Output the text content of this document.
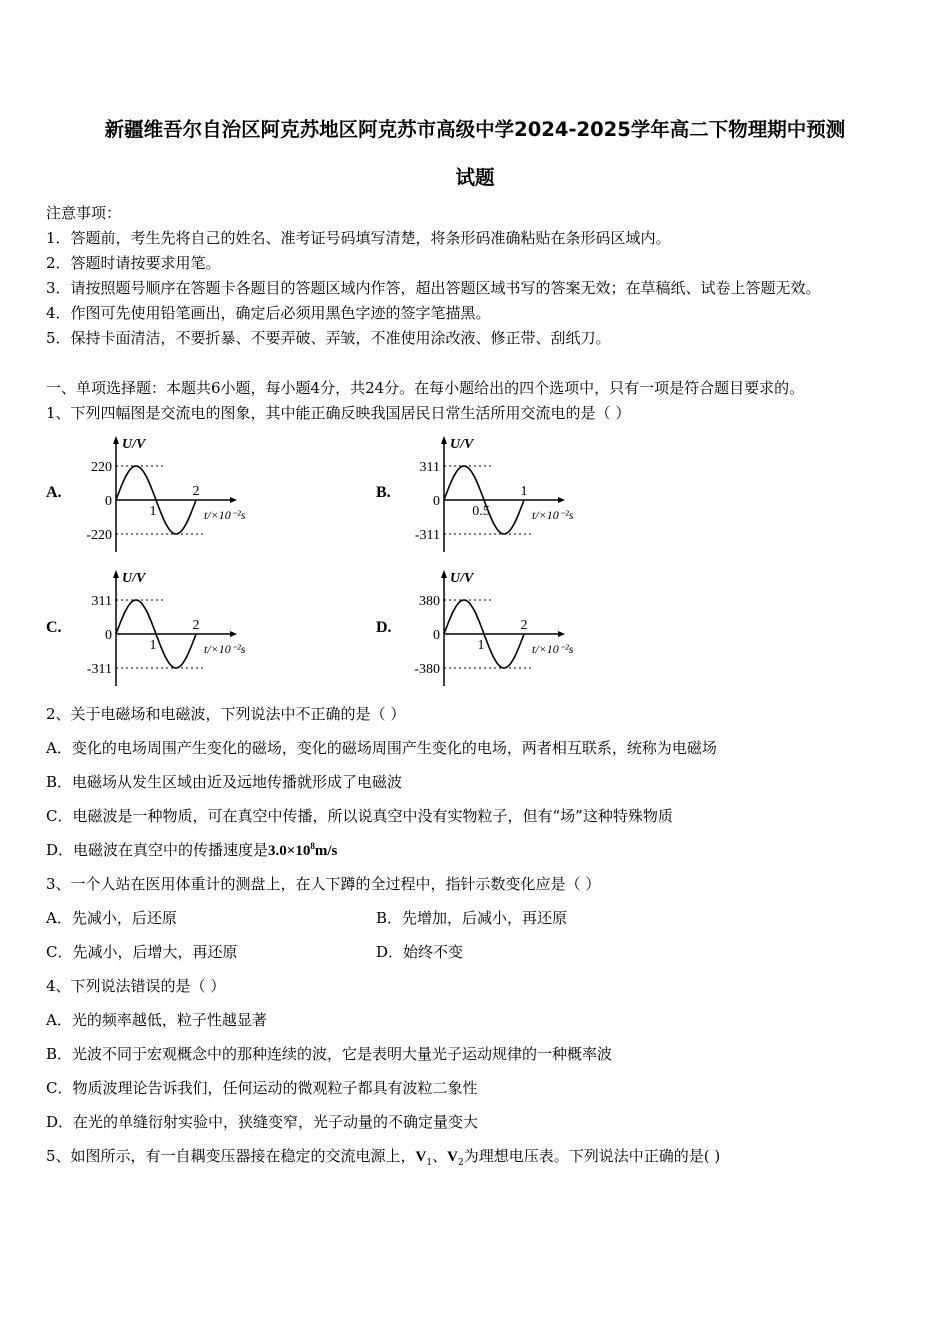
新疆维吾尔自治区阿克苏地区阿克苏市高级中学2024-2025学年高二下物理期中预测
试题
注意事项：
1．答题前，考生先将自己的姓名、准考证号码填写清楚，将条形码准确粘贴在条形码区域内。
2．答题时请按要求用笔。
3．请按照题号顺序在答题卡各题目的答题区域内作答，超出答题区域书写的答案无效；在草稿纸、试卷上答题无效。
4．作图可先使用铅笔画出，确定后必须用黑色字迹的签字笔描黑。
5．保持卡面清洁，不要折暴、不要弄破、弄皱，不准使用涂改液、修正带、刮纸刀。
一、单项选择题：本题共6小题，每小题4分，共24分。在每小题给出的四个选项中，只有一项是符合题目要求的。
1、下列四幅图是交流电的图象，其中能正确反映我国居民日常生活所用交流电的是（ ）
A.
U/V
220
0
-220
1
2
t/×10⁻²s
B.
U/V
311
0
-311
0.5
1
t/×10⁻²s
C.
U/V
311
0
-311
1
2
t/×10⁻²s
D.
U/V
380
0
-380
1
2
t/×10⁻²s
2、关于电磁场和电磁波，下列说法中不正确的是（ ）
A．变化的电场周围产生变化的磁场，变化的磁场周围产生变化的电场，两者相互联系，统称为电磁场
B．电磁场从发生区域由近及远地传播就形成了电磁波
C．电磁波是一种物质，可在真空中传播，所以说真空中没有实物粒子，但有“场”这种特殊物质
D．电磁波在真空中的传播速度是$3.0\times 10^8m/s$
3、一个人站在医用体重计的测盘上，在人下蹲的全过程中，指针示数变化应是（ ）
A．先减小，后还原	B．先增加，后减小，再还原
C．先减小，后增大，再还原	D．始终不变
4、下列说法错误的是（ ）
A．光的频率越低，粒子性越显著
B．光波不同于宏观概念中的那种连续的波，它是表明大量光子运动规律的一种概率波
C．物质波理论告诉我们，任何运动的微观粒子都具有波粒二象性
D．在光的单缝衍射实验中，狭缝变窄，光子动量的不确定量变大
5、如图所示，有一自耦变压器接在稳定的交流电源上，$V_1$、$V_2$为理想电压表。下列说法中正确的是( )
